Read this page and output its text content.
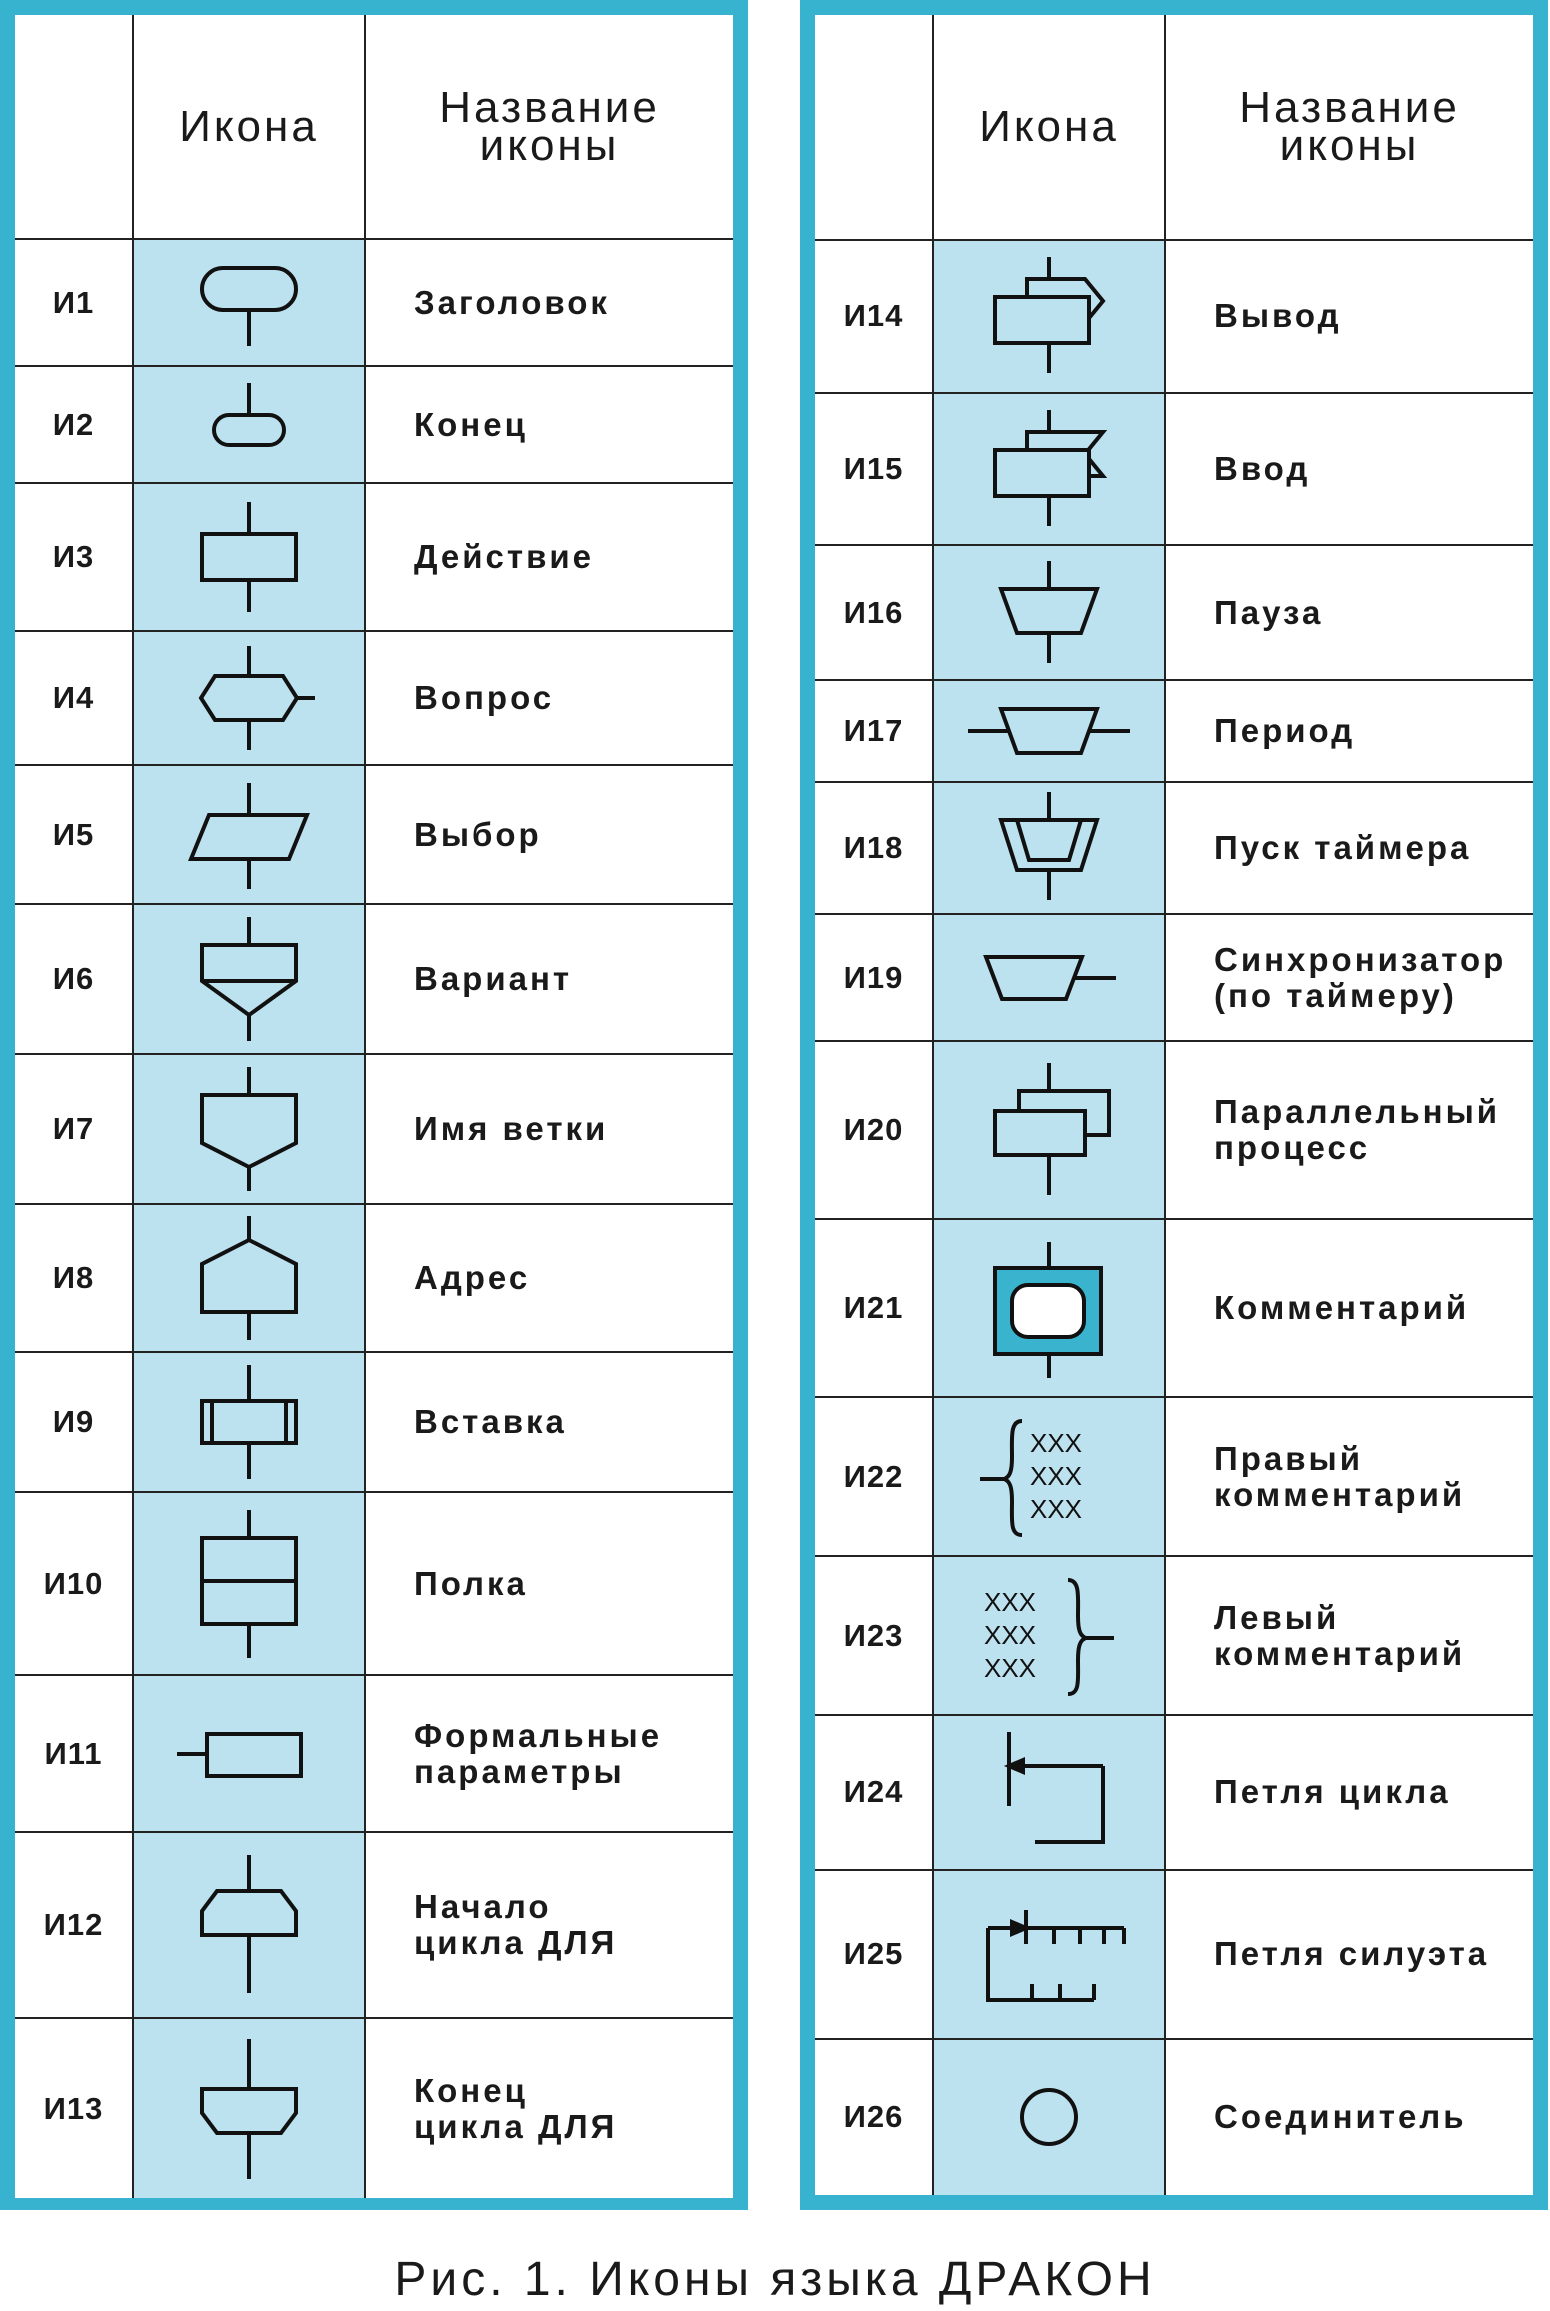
	Икона	Название
иконы
И1		Заголовок
И2		Конец
И3		Действие
И4		Вопрос
И5		Выбор
И6		Вариант
И7		Имя ветки
И8		Адрес
И9		Вставка
И10		Полка
И11		Формальные
параметры
И12		Начало
цикла ДЛЯ
И13		Конец
цикла ДЛЯ
	Икона	Название
иконы
И14		Вывод
И15		Ввод
И16		Пауза
И17		Период
И18		Пуск таймера
И19		Синхронизатор
(по таймеру)
И20		Параллельный
процесс
И21		Комментарий
И22	XXX
XXX
XXX	Правый
комментарий
И23	XXX
XXX
XXX	Левый
комментарий
И24		Петля цикла
И25		Петля силуэта
И26		Соединитель
Рис. 1. Иконы языка ДРАКОН
